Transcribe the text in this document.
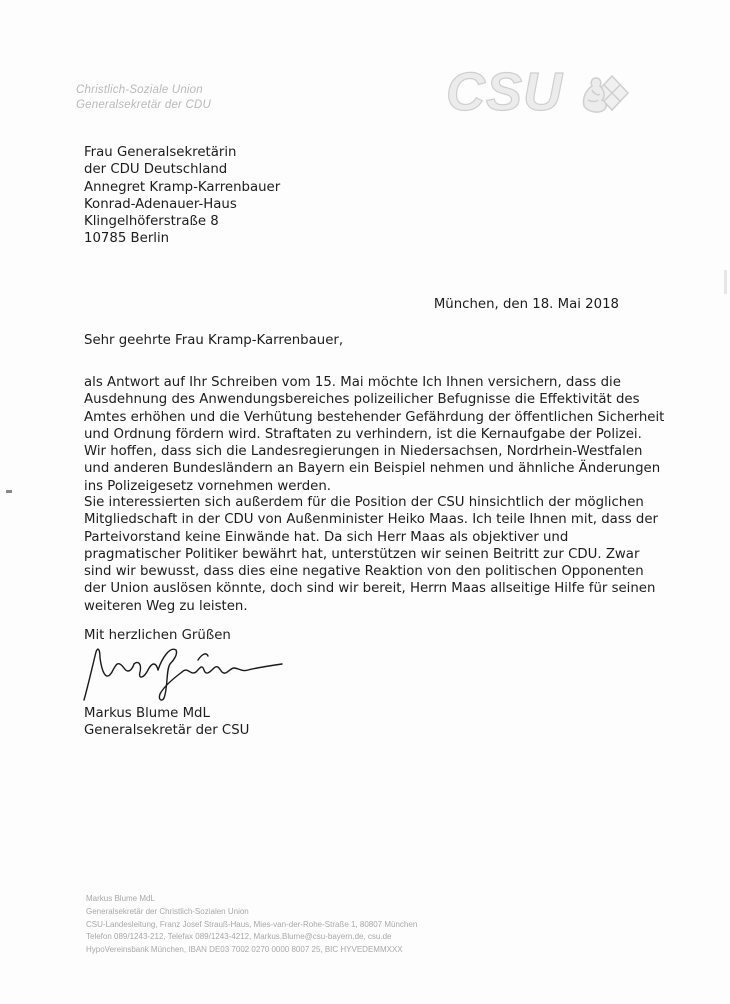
Christlich-Soziale Union
Generalsekretär der CDU	CSU
Frau Generalsekretärin
der CDU Deutschland
Annegret Kramp-Karrenbauer
Konrad-Adenauer-Haus
Klingelhöferstraße 8
10785 Berlin
München, den 18. Mai 2018
Sehr geehrte Frau Kramp-Karrenbauer,
als Antwort auf Ihr Schreiben vom 15. Mai möchte Ich Ihnen versichern, dass die
Ausdehnung des Anwendungsbereiches polizeilicher Befugnisse die Effektivität des
Amtes erhöhen und die Verhütung bestehender Gefährdung der öffentlichen Sicherheit
und Ordnung fördern wird. Straftaten zu verhindern, ist die Kernaufgabe der Polizei.
Wir hoffen, dass sich die Landesregierungen in Niedersachsen, Nordrhein-Westfalen
und anderen Bundesländern an Bayern ein Beispiel nehmen und ähnliche Änderungen
ins Polizeigesetz vornehmen werden.
Sie interessierten sich außerdem für die Position der CSU hinsichtlich der möglichen
Mitgliedschaft in der CDU von Außenminister Heiko Maas. Ich teile Ihnen mit, dass der
Parteivorstand keine Einwände hat. Da sich Herr Maas als objektiver und
pragmatischer Politiker bewährt hat, unterstützen wir seinen Beitritt zur CDU. Zwar
sind wir bewusst, dass dies eine negative Reaktion von den politischen Opponenten
der Union auslösen könnte, doch sind wir bereit, Herrn Maas allseitige Hilfe für seinen
weiteren Weg zu leisten.
Mit herzlichen Grüßen
Markus Blume MdL
Generalsekretär der CSU
Markus Blume MdL
Generalsekretär der Christlich-Sozialen Union
CSU-Landesleitung, Franz Josef Strauß-Haus, Mies-van-der-Rohe-Straße 1, 80807 München
Telefon 089/1243-212, Telefax 089/1243-4212, Markus.Blume@csu-bayern.de, csu.de
HypoVereinsbank München, IBAN DE03 7002 0270 0000 8007 25, BIC HYVEDEMMXXX
